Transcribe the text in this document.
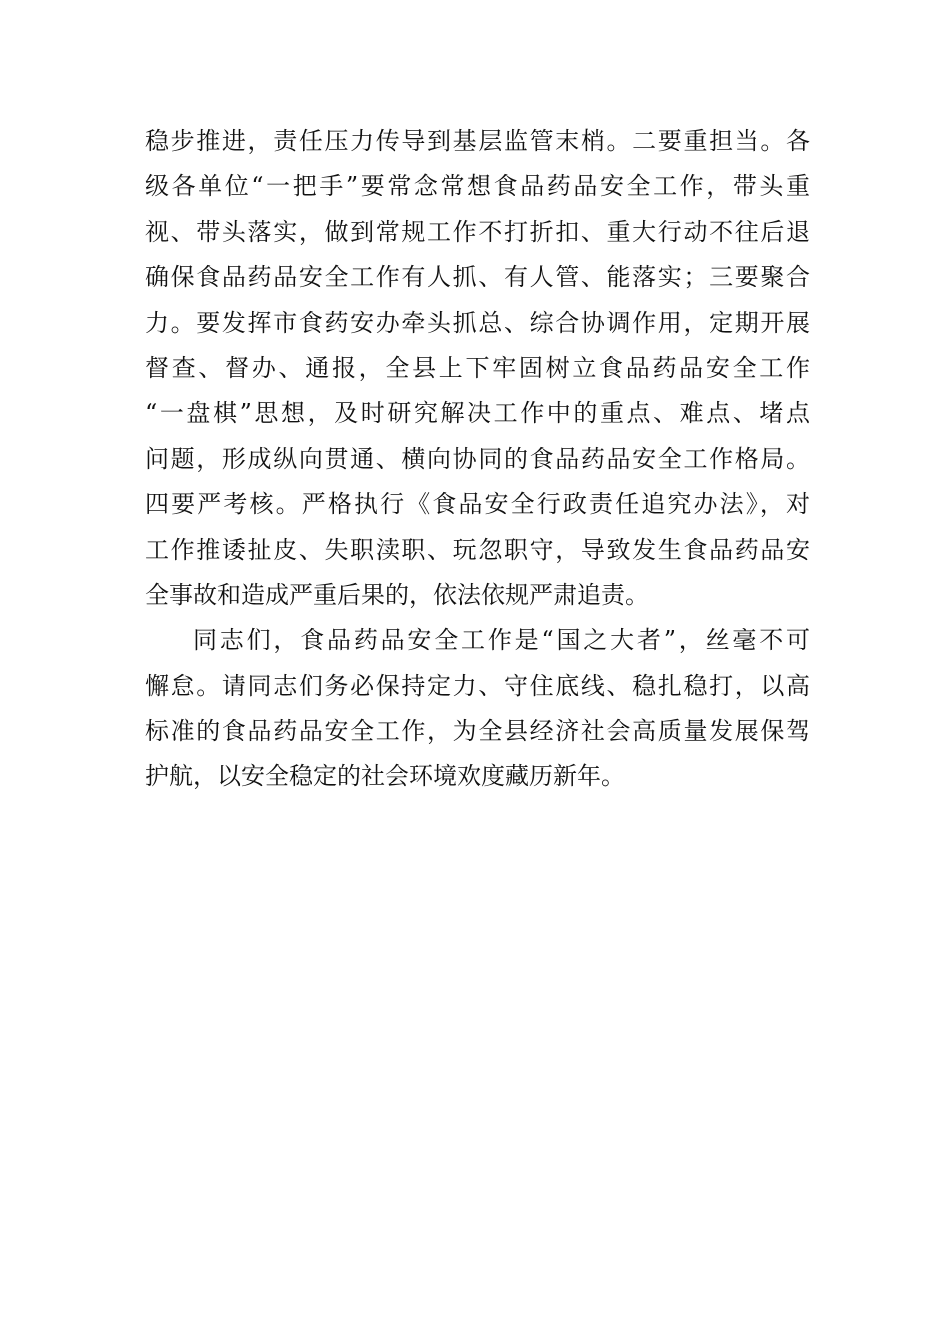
稳步推进，责任压力传导到基层监管末梢。二要重担当。各
级各单位“一把手”要常念常想食品药品安全工作，带头重
视、带头落实，做到常规工作不打折扣、重大行动不往后退
确保食品药品安全工作有人抓、有人管、能落实；三要聚合
力。要发挥市食药安办牵头抓总、综合协调作用，定期开展
督查、督办、通报，全县上下牢固树立食品药品安全工作
“一盘棋”思想，及时研究解决工作中的重点、难点、堵点
问题，形成纵向贯通、横向协同的食品药品安全工作格局。
四要严考核。严格执行《食品安全行政责任追究办法》，对
工作推诿扯皮、失职渎职、玩忽职守，导致发生食品药品安
全事故和造成严重后果的，依法依规严肃追责。
同志们，食品药品安全工作是“国之大者”，丝毫不可
懈怠。请同志们务必保持定力、守住底线、稳扎稳打，以高
标准的食品药品安全工作，为全县经济社会高质量发展保驾
护航，以安全稳定的社会环境欢度藏历新年。
